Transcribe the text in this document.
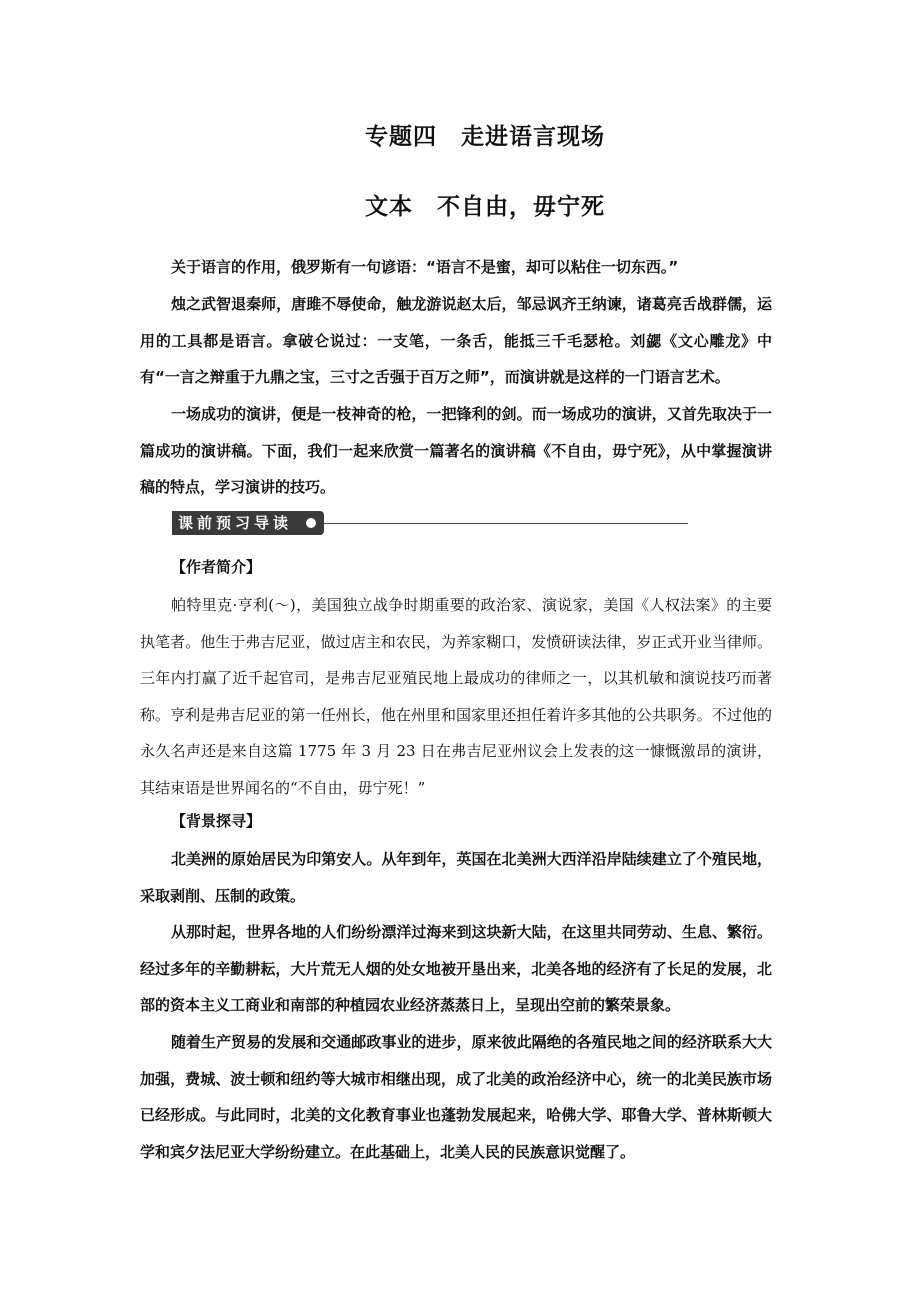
专题四　走进语言现场
文本　不自由，毋宁死

关于语言的作用，俄罗斯有一句谚语：“语言不是蜜，却可以粘住一切东西。”

烛之武智退秦师，唐雎不辱使命，触龙游说赵太后，邹忌讽齐王纳谏，诸葛亮舌战群儒，运用的工具都是语言。拿破仑说过：一支笔，一条舌，能抵三千毛瑟枪。刘勰《文心雕龙》中有“一言之辩重于九鼎之宝，三寸之舌强于百万之师”，而演讲就是这样的一门语言艺术。

一场成功的演讲，便是一枝神奇的枪，一把锋利的剑。而一场成功的演讲，又首先取决于一篇成功的演讲稿。下面，我们一起来欣赏一篇著名的演讲稿《不自由，毋宁死》，从中掌握演讲稿的特点，学习演讲的技巧。

课前预习导读

【作者简介】

帕特里克·亨利(～)，美国独立战争时期重要的政治家、演说家，美国《人权法案》的主要执笔者。他生于弗吉尼亚，做过店主和农民，为养家糊口，发愤研读法律，岁正式开业当律师。三年内打赢了近千起官司，是弗吉尼亚殖民地上最成功的律师之一，以其机敏和演说技巧而著称。亨利是弗吉尼亚的第一任州长，他在州里和国家里还担任着许多其他的公共职务。不过他的永久名声还是来自这篇 1775 年 3 月 23 日在弗吉尼亚州议会上发表的这一慷慨激昂的演讲，其结束语是世界闻名的“不自由，毋宁死！”

【背景探寻】

北美洲的原始居民为印第安人。从年到年，英国在北美洲大西洋沿岸陆续建立了个殖民地，采取剥削、压制的政策。

从那时起，世界各地的人们纷纷漂洋过海来到这块新大陆，在这里共同劳动、生息、繁衍。经过多年的辛勤耕耘，大片荒无人烟的处女地被开垦出来，北美各地的经济有了长足的发展，北部的资本主义工商业和南部的种植园农业经济蒸蒸日上，呈现出空前的繁荣景象。

随着生产贸易的发展和交通邮政事业的进步，原来彼此隔绝的各殖民地之间的经济联系大大加强，费城、波士顿和纽约等大城市相继出现，成了北美的政治经济中心，统一的北美民族市场已经形成。与此同时，北美的文化教育事业也蓬勃发展起来，哈佛大学、耶鲁大学、普林斯顿大学和宾夕法尼亚大学纷纷建立。在此基础上，北美人民的民族意识觉醒了。
